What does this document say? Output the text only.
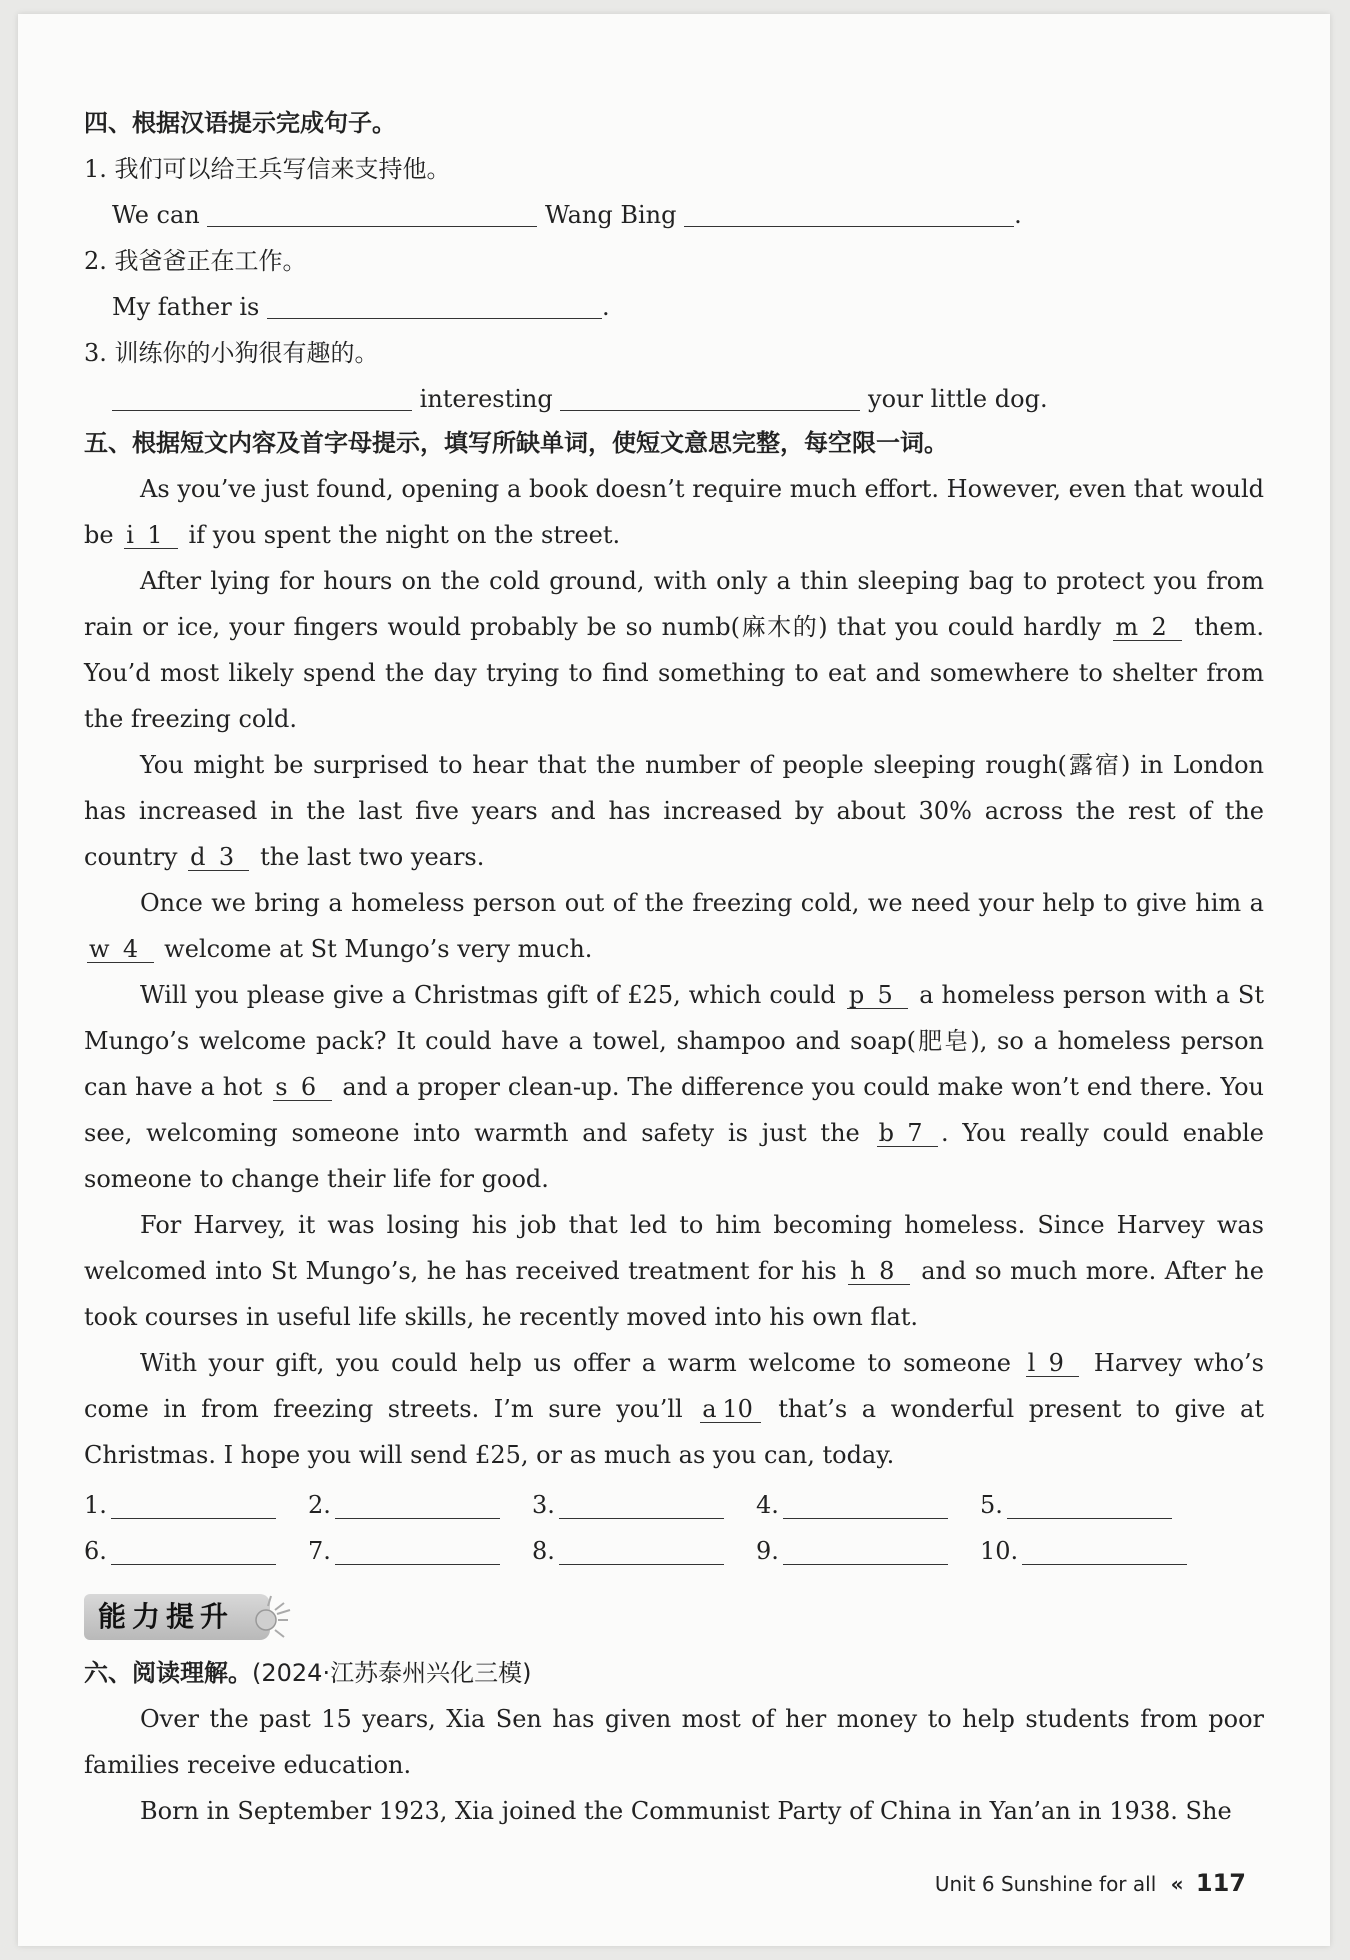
四、根据汉语提示完成句子。
1. 我们可以给王兵写信来支持他。
We can	Wang Bing	.
2. 我爸爸正在工作。
My father is	.
3. 训练你的小狗很有趣的。
interesting	your little dog.
五、根据短文内容及首字母提示，填写所缺单词，使短文意思完整，每空限一词。

As you’ve just found, opening a book doesn’t require much effort. However, even that would be i 1 if you spent the night on the street.

After lying for hours on the cold ground, with only a thin sleeping bag to protect you from rain or ice, your fingers would probably be so numb(麻木的) that you could hardly m 2 them. You’d most likely spend the day trying to find something to eat and somewhere to shelter from the freezing cold.

You might be surprised to hear that the number of people sleeping rough(露宿) in London has increased in the last five years and has increased by about 30% across the rest of the country d 3 the last two years.

Once we bring a homeless person out of the freezing cold, we need your help to give him a w 4 welcome at St Mungo’s very much.

Will you please give a Christmas gift of £25, which could p 5 a homeless person with a St Mungo’s welcome pack? It could have a towel, shampoo and soap(肥皂), so a homeless person can have a hot s 6 and a proper clean-up. The difference you could make won’t end there. You see, welcoming someone into warmth and safety is just the b 7 . You really could enable someone to change their life for good.

For Harvey, it was losing his job that led to him becoming homeless. Since Harvey was welcomed into St Mungo’s, he has received treatment for his h 8 and so much more. After he took courses in useful life skills, he recently moved into his own flat.

With your gift, you could help us offer a warm welcome to someone l 9 Harvey who’s come in from freezing streets. I’m sure you’ll a 10 that’s a wonderful present to give at Christmas. I hope you will send £25, or as much as you can, today.

1.	2.	3.	4.	5.
6.	7.	8.	9.	10.
能力提升
六、阅读理解。(2024·江苏泰州兴化三模)

Over the past 15 years, Xia Sen has given most of her money to help students from poor families receive education.

Born in September 1923, Xia joined the Communist Party of China in Yan’an in 1938. She

Unit 6 Sunshine for all « 117
